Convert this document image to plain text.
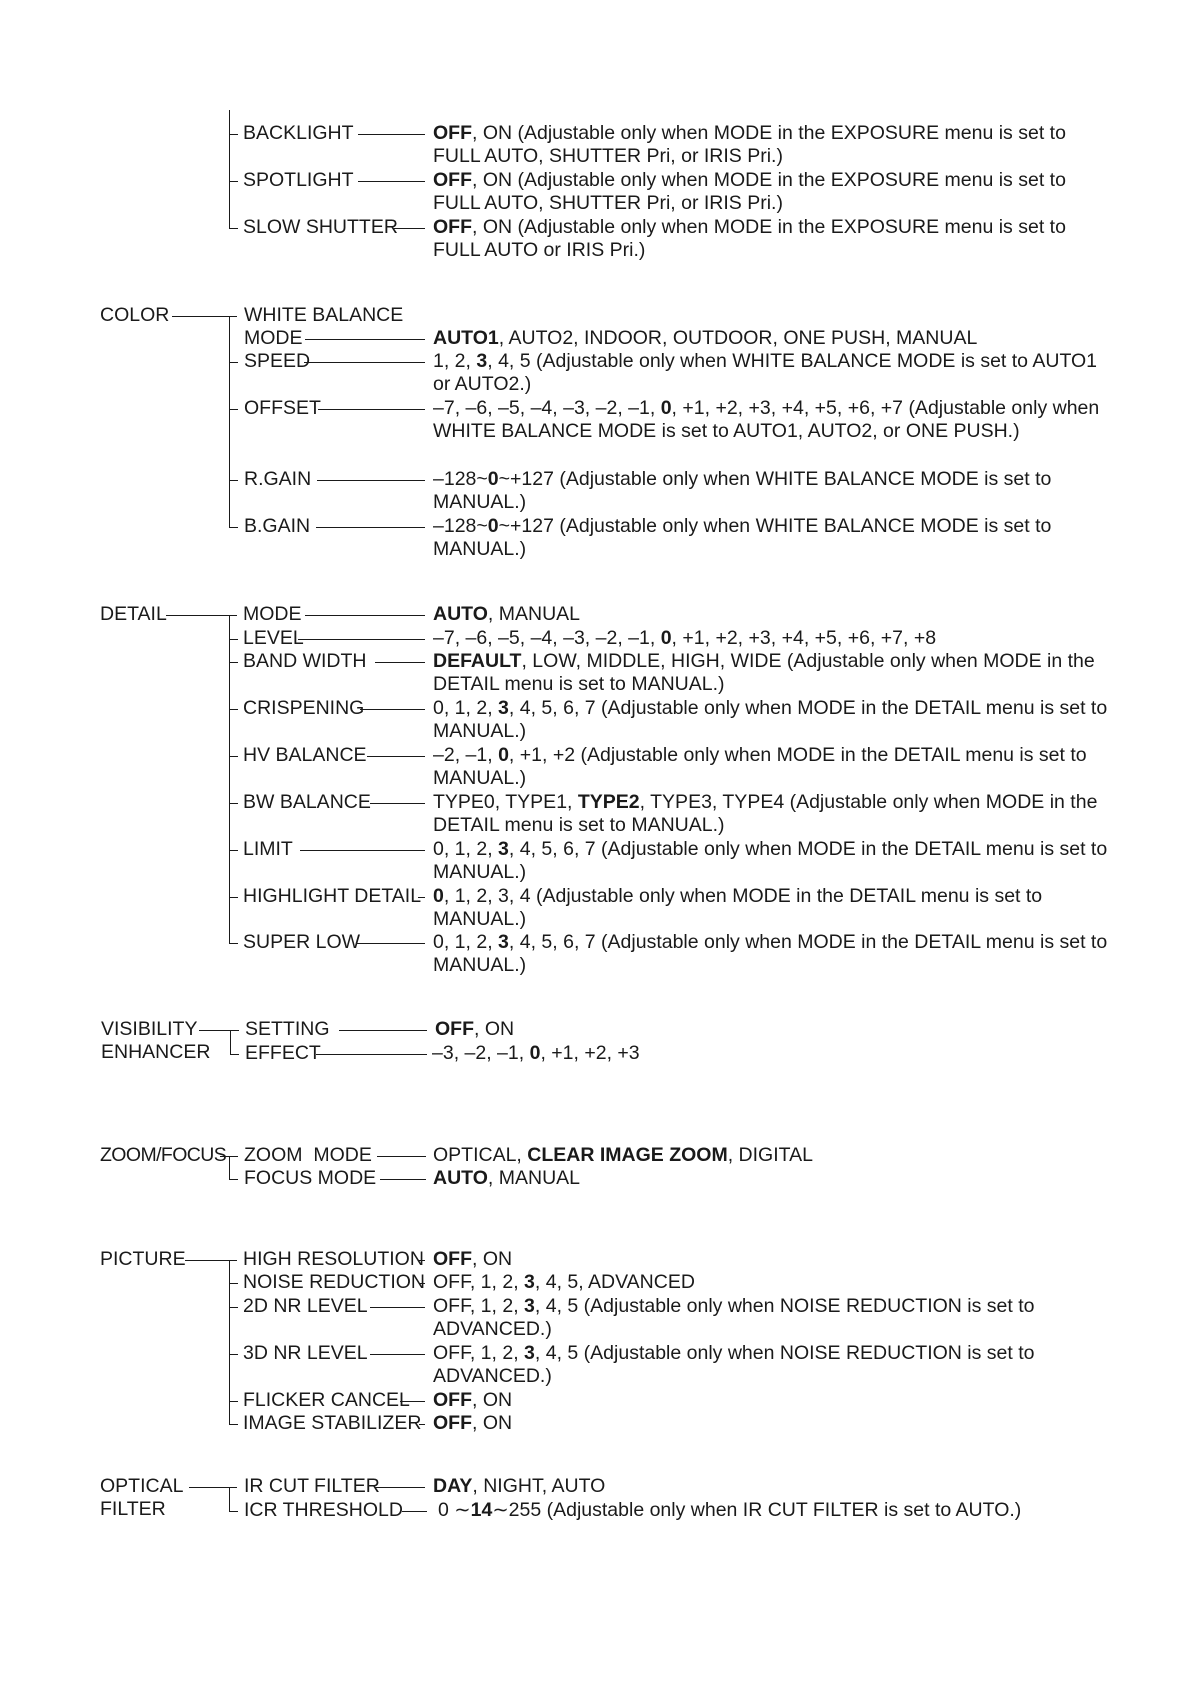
BACKLIGHT	OFF, ON (Adjustable only when MODE in the EXPOSURE menu is set to FULL AUTO, SHUTTER Pri, or IRIS Pri.)
SPOTLIGHT	OFF, ON (Adjustable only when MODE in the EXPOSURE menu is set to FULL AUTO, SHUTTER Pri, or IRIS Pri.)
SLOW SHUTTER OFF, ON (Adjustable only when MODE in the EXPOSURE menu is set to FULL AUTO or IRIS Pri.)
COLOR	WHITE BALANCE
MODE	AUTO1, AUTO2, INDOOR, OUTDOOR, ONE PUSH, MANUAL
SPEED	1, 2, 3, 4, 5 (Adjustable only when WHITE BALANCE MODE is set to AUTO1 or AUTO2.)
OFFSET	–7, –6, –5, –4, –3, –2, –1, 0, +1, +2, +3, +4, +5, +6, +7 (Adjustable only when WHITE BALANCE MODE is set to AUTO1, AUTO2, or ONE PUSH.)
R.GAIN	–128~0~+127 (Adjustable only when WHITE BALANCE MODE is set to MANUAL.)
B.GAIN	–128~0~+127 (Adjustable only when WHITE BALANCE MODE is set to MANUAL.)
DETAIL	MODE	AUTO, MANUAL
LEVEL	–7, –6, –5, –4, –3, –2, –1, 0, +1, +2, +3, +4, +5, +6, +7, +8
BAND WIDTH	DEFAULT, LOW, MIDDLE, HIGH, WIDE (Adjustable only when MODE in the DETAIL menu is set to MANUAL.)
CRISPENING	0, 1, 2, 3, 4, 5, 6, 7 (Adjustable only when MODE in the DETAIL menu is set to MANUAL.)
HV BALANCE	–2, –1, 0, +1, +2 (Adjustable only when MODE in the DETAIL menu is set to MANUAL.)
BW BALANCE	TYPE0, TYPE1, TYPE2, TYPE3, TYPE4 (Adjustable only when MODE in the DETAIL menu is set to MANUAL.)
LIMIT	0, 1, 2, 3, 4, 5, 6, 7 (Adjustable only when MODE in the DETAIL menu is set to MANUAL.)
HIGHLIGHT DETAIL 0, 1, 2, 3, 4 (Adjustable only when MODE in the DETAIL menu is set to MANUAL.)
SUPER LOW	0, 1, 2, 3, 4, 5, 6, 7 (Adjustable only when MODE in the DETAIL menu is set to MANUAL.)
VISIBILITY
ENHANCER
SETTING	OFF, ON
EFFECT	–3, –2, –1, 0, +1, +2, +3
ZOOM/FOCUS ZOOM  MODE	OPTICAL, CLEAR IMAGE ZOOM, DIGITAL
FOCUS MODE	AUTO, MANUAL
PICTURE	HIGH RESOLUTION OFF, ON
NOISE REDUCTION OFF, 1, 2, 3, 4, 5, ADVANCED
2D NR LEVEL	OFF, 1, 2, 3, 4, 5 (Adjustable only when NOISE REDUCTION is set to ADVANCED.)
3D NR LEVEL	OFF, 1, 2, 3, 4, 5 (Adjustable only when NOISE REDUCTION is set to ADVANCED.)
FLICKER CANCEL OFF, ON
IMAGE STABILIZER OFF, ON
OPTICAL
FILTER
IR CUT FILTER	DAY, NIGHT, AUTO
ICR THRESHOLD 0 ∼14∼255 (Adjustable only when IR CUT FILTER is set to AUTO.)
